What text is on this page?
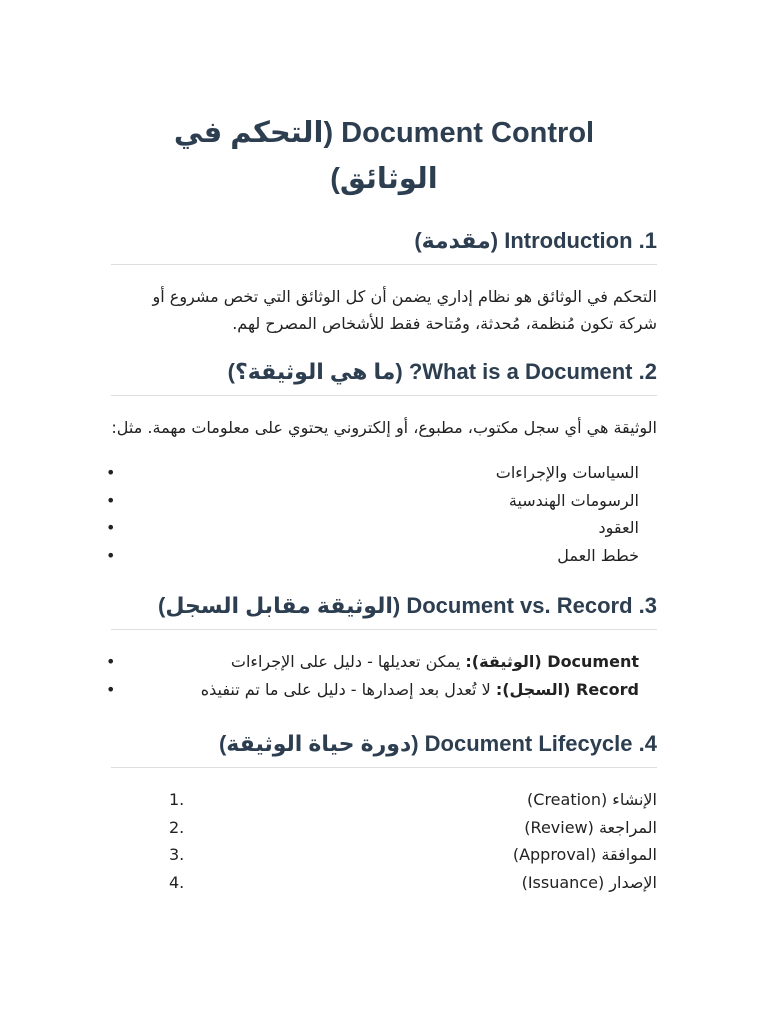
Document Control (التحكم في الوثائق)
1. Introduction (مقدمة)

التحكم في الوثائق هو نظام إداري يضمن أن كل الوثائق التي تخص مشروع أو شركة تكون مُنظمة، مُحدثة، ومُتاحة فقط للأشخاص المصرح لهم.

2. What is a Document? (ما هي الوثيقة؟)

الوثيقة هي أي سجل مكتوب، مطبوع، أو إلكتروني يحتوي على معلومات مهمة. مثل:

السياسات والإجراءات
•
الرسومات الهندسية
•
العقود
•
خطط العمل
•
3. Document vs. Record (الوثيقة مقابل السجل)
Document (الوثيقة): يمكن تعديلها - دليل على الإجراءات
•
Record (السجل): لا تُعدل بعد إصدارها - دليل على ما تم تنفيذه
•
4. Document Lifecycle (دورة حياة الوثيقة)
الإنشاء (Creation)
1.
المراجعة (Review)
2.
الموافقة (Approval)
3.
الإصدار (Issuance)
4.
